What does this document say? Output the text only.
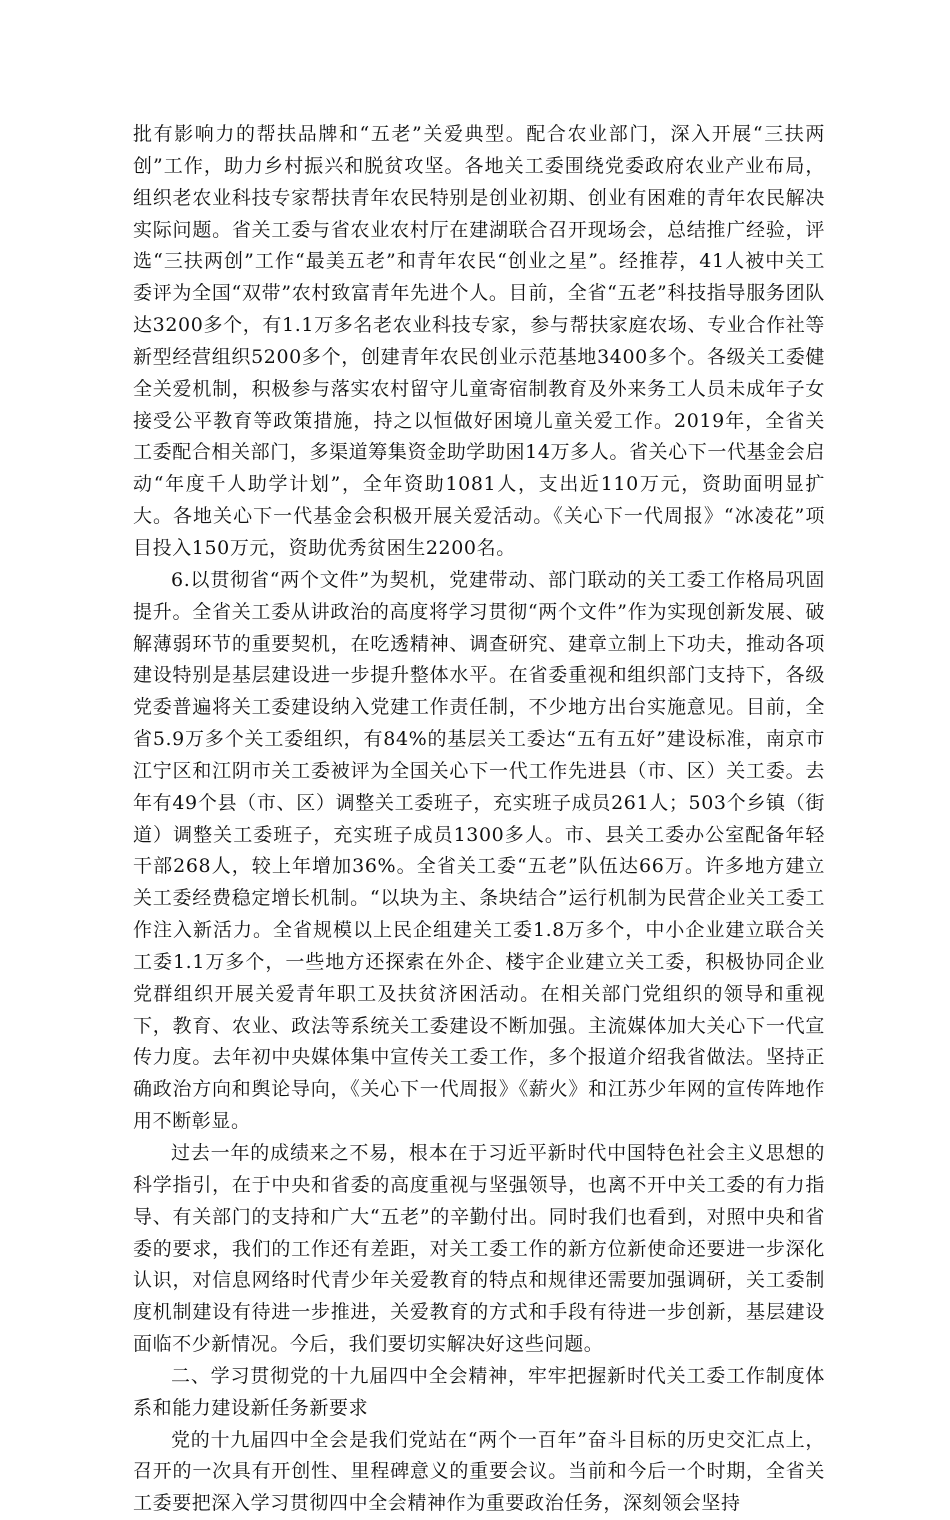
批有影响力的帮扶品牌和“五老”关爱典型。配合农业部门，深入开展“三扶两创”工作，助力乡村振兴和脱贫攻坚。各地关工委围绕党委政府农业产业布局，组织老农业科技专家帮扶青年农民特别是创业初期、创业有困难的青年农民解决实际问题。省关工委与省农业农村厅在建湖联合召开现场会，总结推广经验，评选“三扶两创”工作“最美五老”和青年农民“创业之星”。经推荐，41人被中关工委评为全国“双带”农村致富青年先进个人。目前，全省“五老”科技指导服务团队达3200多个，有1.1万多名老农业科技专家，参与帮扶家庭农场、专业合作社等新型经营组织5200多个，创建青年农民创业示范基地3400多个。各级关工委健全关爱机制，积极参与落实农村留守儿童寄宿制教育及外来务工人员未成年子女接受公平教育等政策措施，持之以恒做好困境儿童关爱工作。2019年，全省关工委配合相关部门，多渠道筹集资金助学助困14万多人。省关心下一代基金会启动“年度千人助学计划”，全年资助1081人，支出近110万元，资助面明显扩大。各地关心下一代基金会积极开展关爱活动。《关心下一代周报》“冰凌花”项目投入150万元，资助优秀贫困生2200名。

6.以贯彻省“两个文件”为契机，党建带动、部门联动的关工委工作格局巩固提升。全省关工委从讲政治的高度将学习贯彻“两个文件”作为实现创新发展、破解薄弱环节的重要契机，在吃透精神、调查研究、建章立制上下功夫，推动各项建设特别是基层建设进一步提升整体水平。在省委重视和组织部门支持下，各级党委普遍将关工委建设纳入党建工作责任制，不少地方出台实施意见。目前，全省5.9万多个关工委组织，有84%的基层关工委达“五有五好”建设标准，南京市江宁区和江阴市关工委被评为全国关心下一代工作先进县（市、区）关工委。去年有49个县（市、区）调整关工委班子，充实班子成员261人；503个乡镇（街道）调整关工委班子，充实班子成员1300多人。市、县关工委办公室配备年轻干部268人，较上年增加36%。全省关工委“五老”队伍达66万。许多地方建立关工委经费稳定增长机制。“以块为主、条块结合”运行机制为民营企业关工委工作注入新活力。全省规模以上民企组建关工委1.8万多个，中小企业建立联合关工委1.1万多个，一些地方还探索在外企、楼宇企业建立关工委，积极协同企业党群组织开展关爱青年职工及扶贫济困活动。在相关部门党组织的领导和重视下，教育、农业、政法等系统关工委建设不断加强。主流媒体加大关心下一代宣传力度。去年初中央媒体集中宣传关工委工作，多个报道介绍我省做法。坚持正确政治方向和舆论导向，《关心下一代周报》《薪火》和江苏少年网的宣传阵地作用不断彰显。

过去一年的成绩来之不易，根本在于习近平新时代中国特色社会主义思想的科学指引，在于中央和省委的高度重视与坚强领导，也离不开中关工委的有力指导、有关部门的支持和广大“五老”的辛勤付出。同时我们也看到，对照中央和省委的要求，我们的工作还有差距，对关工委工作的新方位新使命还要进一步深化认识，对信息网络时代青少年关爱教育的特点和规律还需要加强调研，关工委制度机制建设有待进一步推进，关爱教育的方式和手段有待进一步创新，基层建设面临不少新情况。今后，我们要切实解决好这些问题。

二、学习贯彻党的十九届四中全会精神，牢牢把握新时代关工委工作制度体系和能力建设新任务新要求

党的十九届四中全会是我们党站在“两个一百年”奋斗目标的历史交汇点上，召开的一次具有开创性、里程碑意义的重要会议。当前和今后一个时期，全省关工委要把深入学习贯彻四中全会精神作为重要政治任务，深刻领会坚持
